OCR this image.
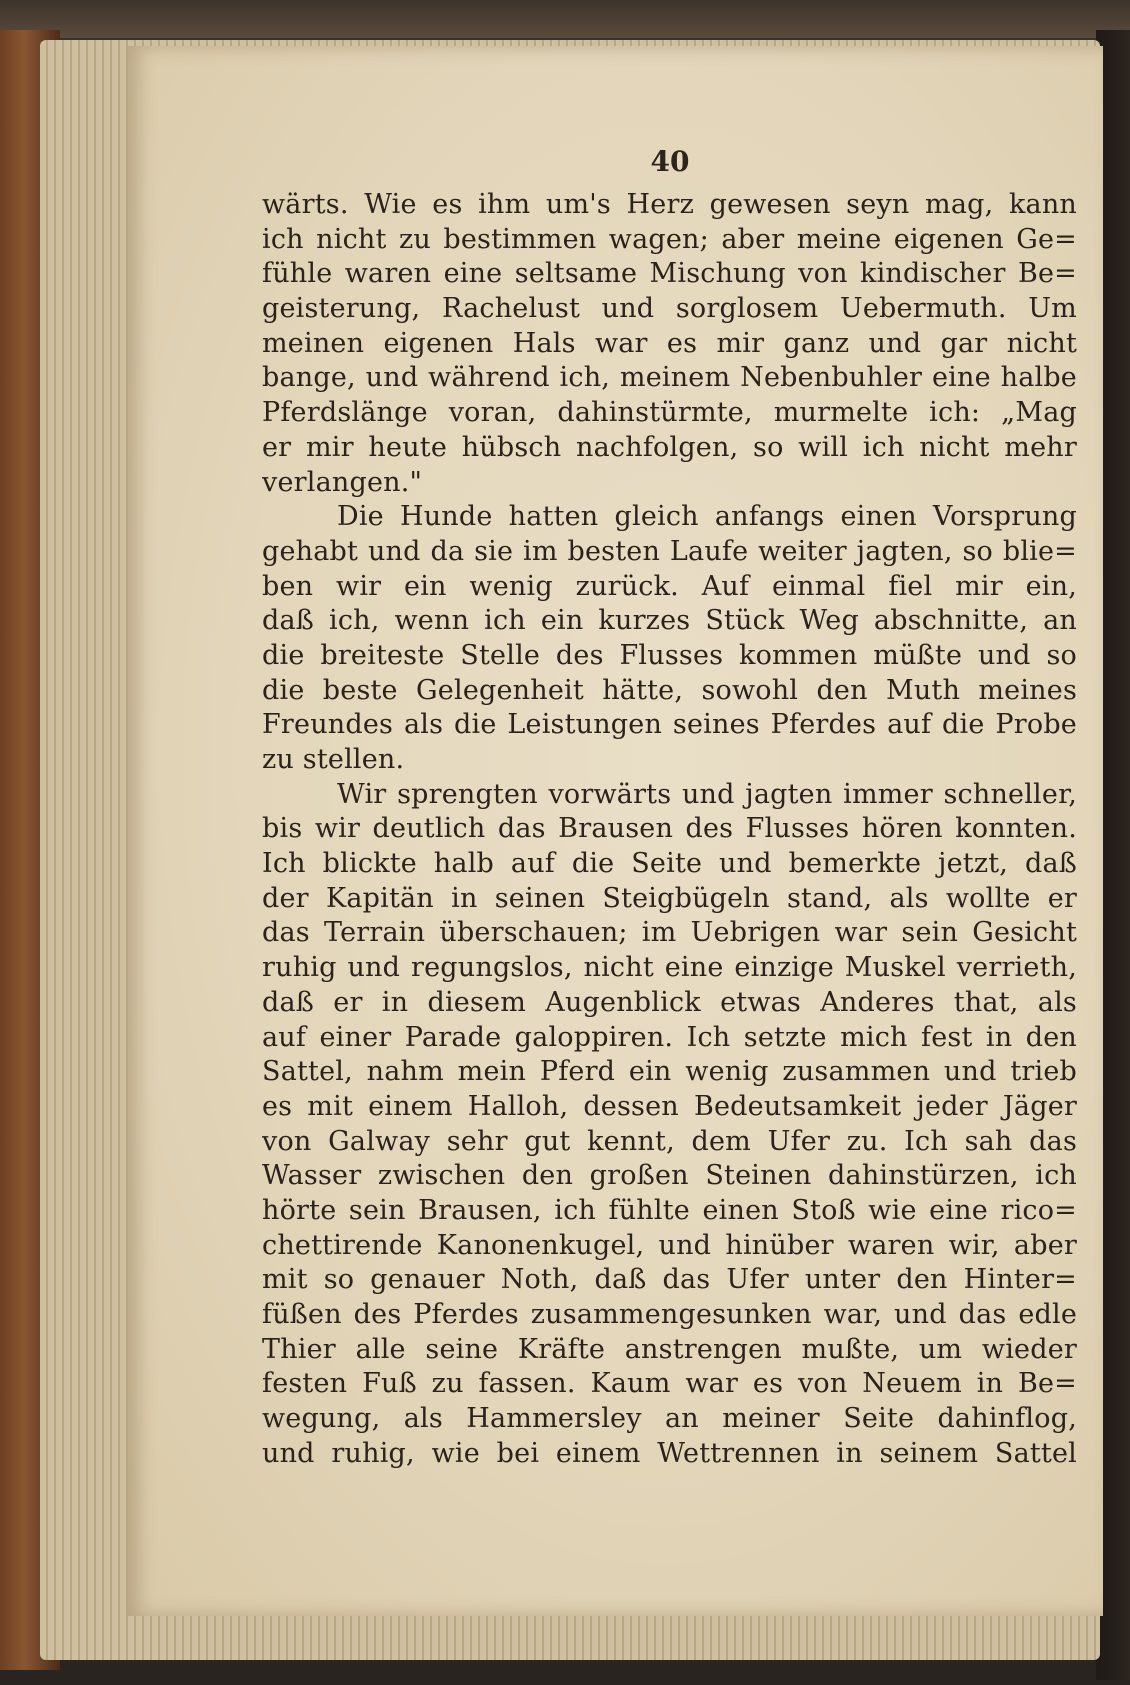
40
wärts. Wie es ihm um's Herz gewesen seyn mag, kann
ich nicht zu bestimmen wagen; aber meine eigenen Ge=
fühle waren eine seltsame Mischung von kindischer Be=
geisterung, Rachelust und sorglosem Uebermuth. Um
meinen eigenen Hals war es mir ganz und gar nicht
bange, und während ich, meinem Nebenbuhler eine halbe
Pferdslänge voran, dahinstürmte, murmelte ich: „Mag
er mir heute hübsch nachfolgen, so will ich nicht mehr
verlangen."
Die Hunde hatten gleich anfangs einen Vorsprung
gehabt und da sie im besten Laufe weiter jagten, so blie=
ben wir ein wenig zurück. Auf einmal fiel mir ein,
daß ich, wenn ich ein kurzes Stück Weg abschnitte, an
die breiteste Stelle des Flusses kommen müßte und so
die beste Gelegenheit hätte, sowohl den Muth meines
Freundes als die Leistungen seines Pferdes auf die Probe
zu stellen.
Wir sprengten vorwärts und jagten immer schneller,
bis wir deutlich das Brausen des Flusses hören konnten.
Ich blickte halb auf die Seite und bemerkte jetzt, daß
der Kapitän in seinen Steigbügeln stand, als wollte er
das Terrain überschauen; im Uebrigen war sein Gesicht
ruhig und regungslos, nicht eine einzige Muskel verrieth,
daß er in diesem Augenblick etwas Anderes that, als
auf einer Parade galoppiren. Ich setzte mich fest in den
Sattel, nahm mein Pferd ein wenig zusammen und trieb
es mit einem Halloh, dessen Bedeutsamkeit jeder Jäger
von Galway sehr gut kennt, dem Ufer zu. Ich sah das
Wasser zwischen den großen Steinen dahinstürzen, ich
hörte sein Brausen, ich fühlte einen Stoß wie eine rico=
chettirende Kanonenkugel, und hinüber waren wir, aber
mit so genauer Noth, daß das Ufer unter den Hinter=
füßen des Pferdes zusammengesunken war, und das edle
Thier alle seine Kräfte anstrengen mußte, um wieder
festen Fuß zu fassen. Kaum war es von Neuem in Be=
wegung, als Hammersley an meiner Seite dahinflog,
und ruhig, wie bei einem Wettrennen in seinem Sattel
